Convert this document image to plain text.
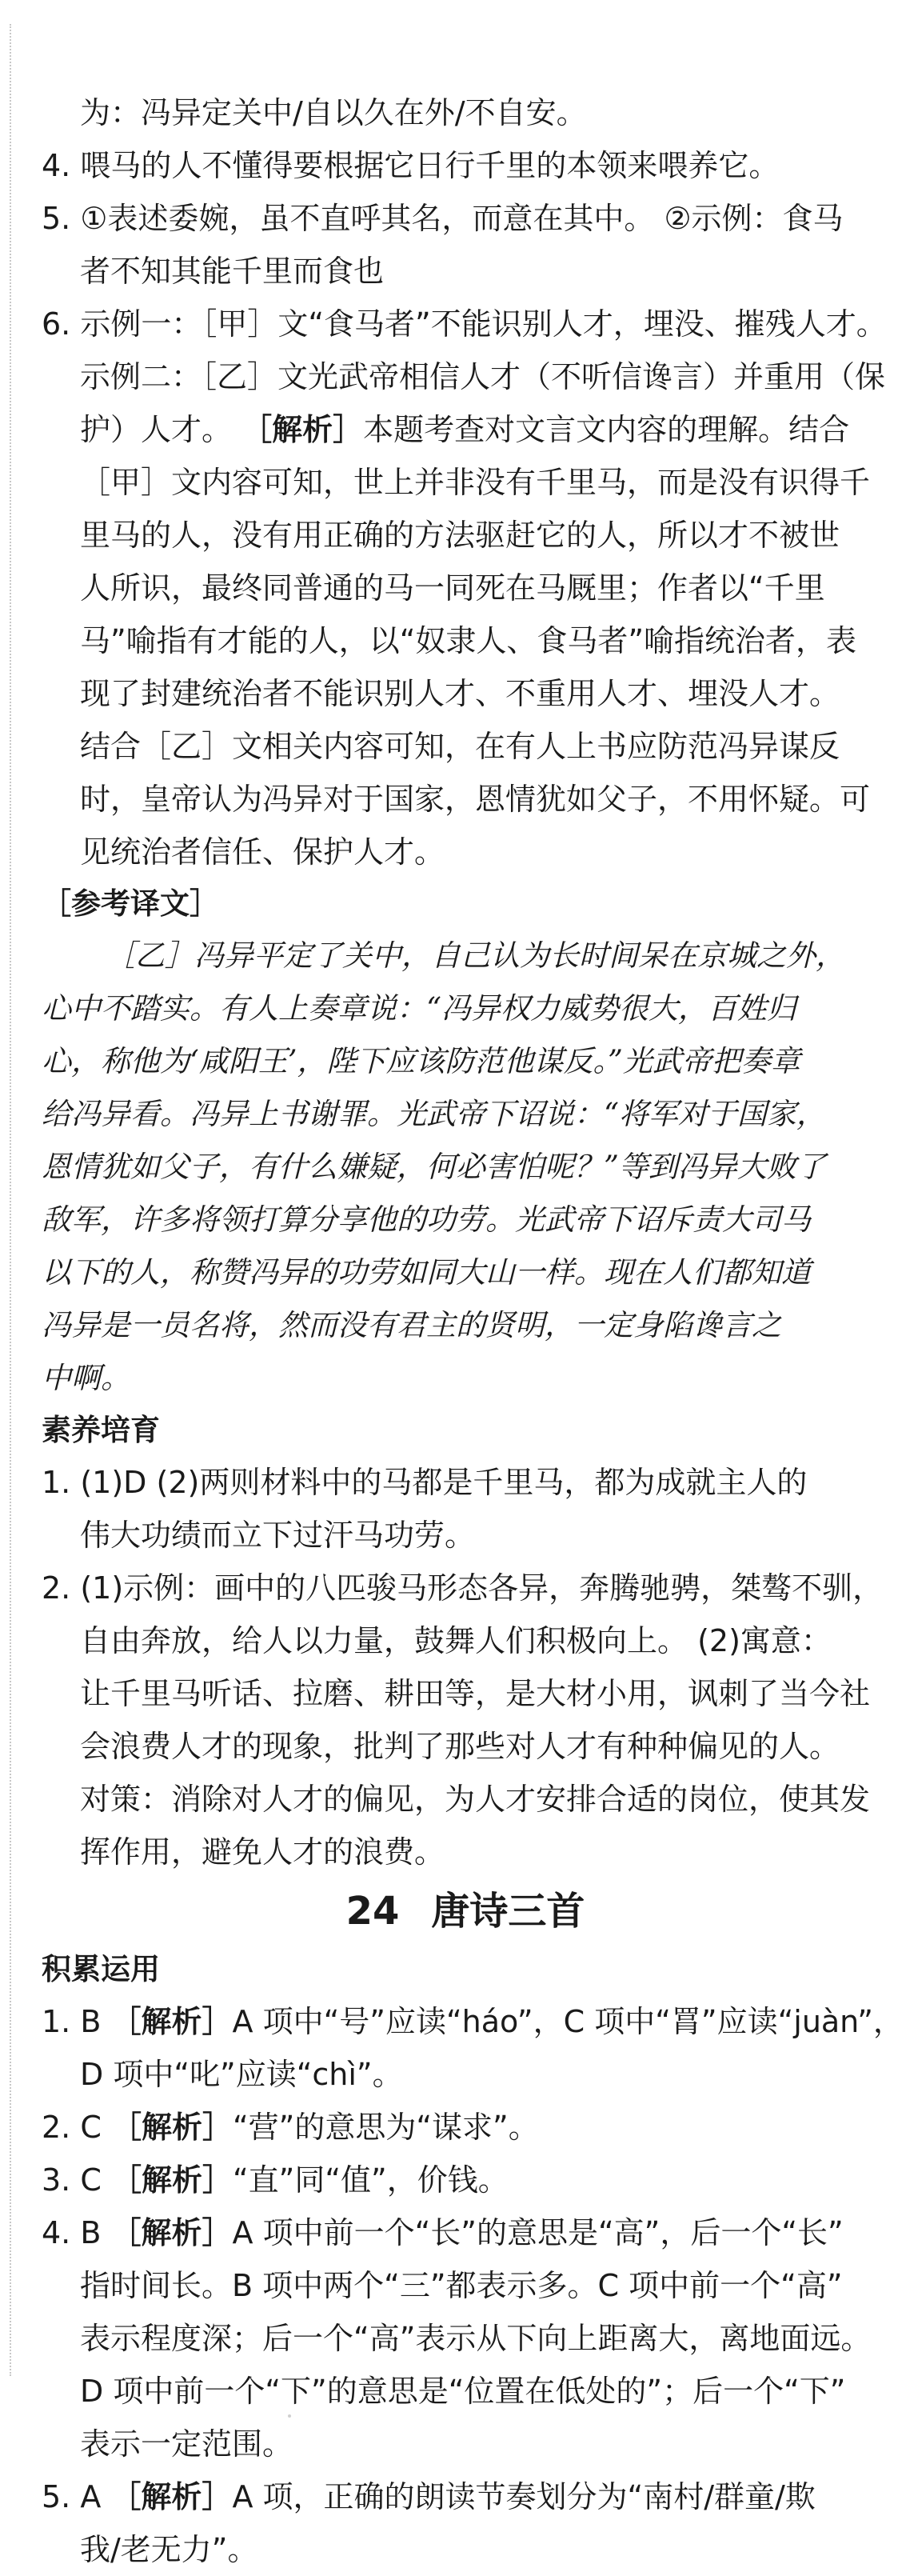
为：冯异定关中/自以久在外/不自安。
4. 喂马的人不懂得要根据它日行千里的本领来喂养它。
5. ①表述委婉，虽不直呼其名，而意在其中。 ②示例：食马
者不知其能千里而食也
6. 示例一：［甲］文“食马者”不能识别人才，埋没、摧残人才。
示例二：［乙］文光武帝相信人才（不听信谗言）并重用（保
护）人才。 ［解析］本题考查对文言文内容的理解。结合
［甲］文内容可知，世上并非没有千里马，而是没有识得千
里马的人，没有用正确的方法驱赶它的人，所以才不被世
人所识，最终同普通的马一同死在马厩里；作者以“千里
马”喻指有才能的人，以“奴隶人、食马者”喻指统治者，表
现了封建统治者不能识别人才、不重用人才、埋没人才。
结合［乙］文相关内容可知，在有人上书应防范冯异谋反
时，皇帝认为冯异对于国家，恩情犹如父子，不用怀疑。可
见统治者信任、保护人才。
［参考译文］
［乙］冯异平定了关中，自己认为长时间呆在京城之外，
心中不踏实。有人上奏章说：“冯异权力威势很大，百姓归
心，称他为‘咸阳王’，陛下应该防范他谋反。”光武帝把奏章
给冯异看。冯异上书谢罪。光武帝下诏说：“将军对于国家，
恩情犹如父子，有什么嫌疑，何必害怕呢？”等到冯异大败了
敌军，许多将领打算分享他的功劳。光武帝下诏斥责大司马
以下的人，称赞冯异的功劳如同大山一样。现在人们都知道
冯异是一员名将，然而没有君主的贤明，一定身陷谗言之
中啊。
素养培育
1. (1)D (2)两则材料中的马都是千里马，都为成就主人的
伟大功绩而立下过汗马功劳。
2. (1)示例：画中的八匹骏马形态各异，奔腾驰骋，桀骜不驯，
自由奔放，给人以力量，鼓舞人们积极向上。 (2)寓意：
让千里马听话、拉磨、耕田等，是大材小用，讽刺了当今社
会浪费人才的现象，批判了那些对人才有种种偏见的人。
对策：消除对人才的偏见，为人才安排合适的岗位，使其发
挥作用，避免人才的浪费。
24 唐诗三首
积累运用
1. B ［解析］A 项中“号”应读“háo”，C 项中“罥”应读“juàn”，
D 项中“叱”应读“chì”。
2. C ［解析］“营”的意思为“谋求”。
3. C ［解析］“直”同“值”，价钱。
4. B ［解析］A 项中前一个“长”的意思是“高”，后一个“长”
指时间长。B 项中两个“三”都表示多。C 项中前一个“高”
表示程度深；后一个“高”表示从下向上距离大，离地面远。
D 项中前一个“下”的意思是“位置在低处的”；后一个“下”
表示一定范围。
5. A ［解析］A 项，正确的朗读节奏划分为“南村/群童/欺
我/老无力”。
